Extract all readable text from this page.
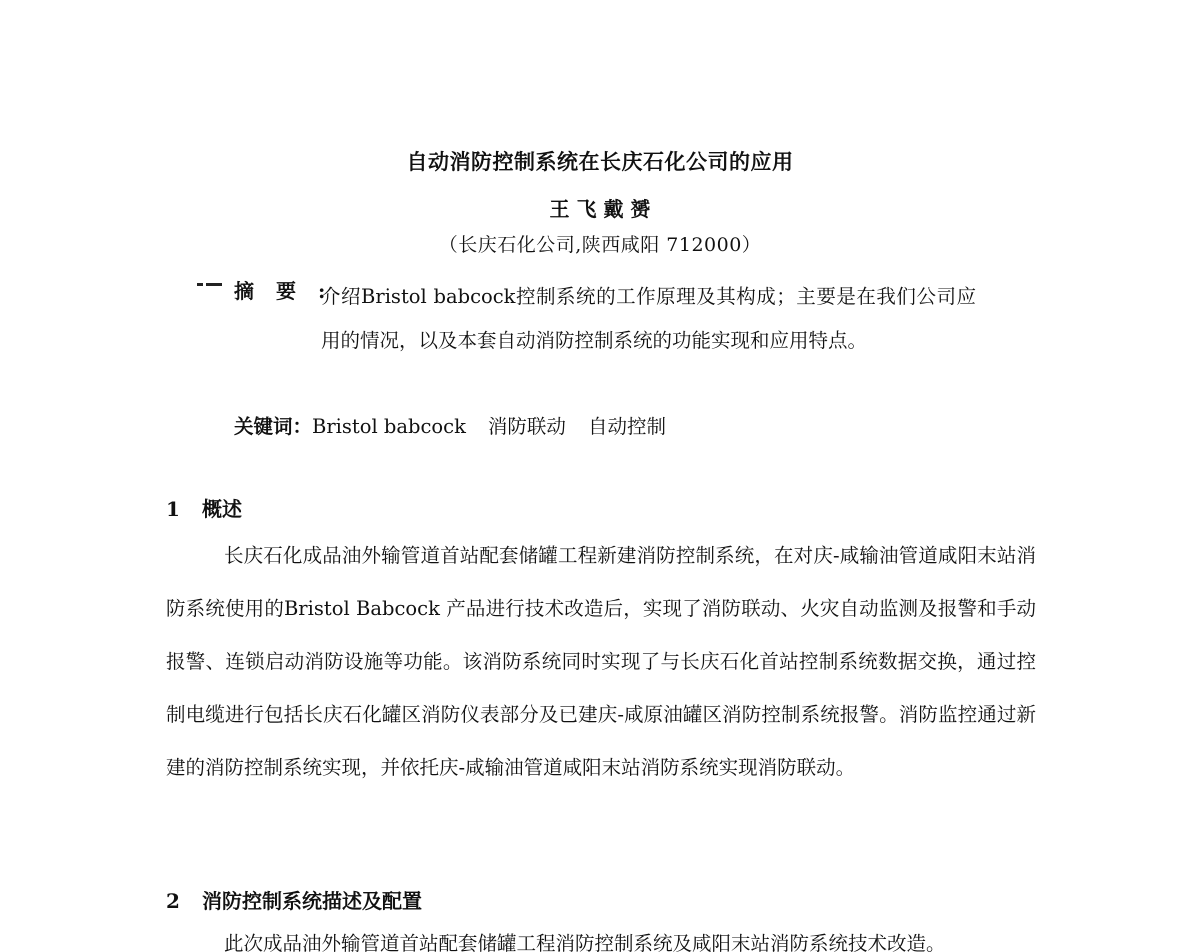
自动消防控制系统在长庆石化公司的应用
王 飞 戴 赟
（长庆石化公司,陕西咸阳 712000）
摘要:
介绍Bristol babcock控制系统的工作原理及其构成；主要是在我们公司应用的情况，以及本套自动消防控制系统的功能实现和应用特点。
关键词：Bristol babcock 消防联动 自动控制
1 概述
长庆石化成品油外输管道首站配套储罐工程新建消防控制系统，在对庆-咸输油管道咸阳末站消防系统使用的Bristol Babcock 产品进行技术改造后，实现了消防联动、火灾自动监测及报警和手动报警、连锁启动消防设施等功能。该消防系统同时实现了与长庆石化首站控制系统数据交换，通过控制电缆进行包括长庆石化罐区消防仪表部分及已建庆-咸原油罐区消防控制系统报警。消防监控通过新建的消防控制系统实现，并依托庆-咸输油管道咸阳末站消防系统实现消防联动。
2 消防控制系统描述及配置
此次成品油外输管道首站配套储罐工程消防控制系统及咸阳末站消防系统技术改造。
